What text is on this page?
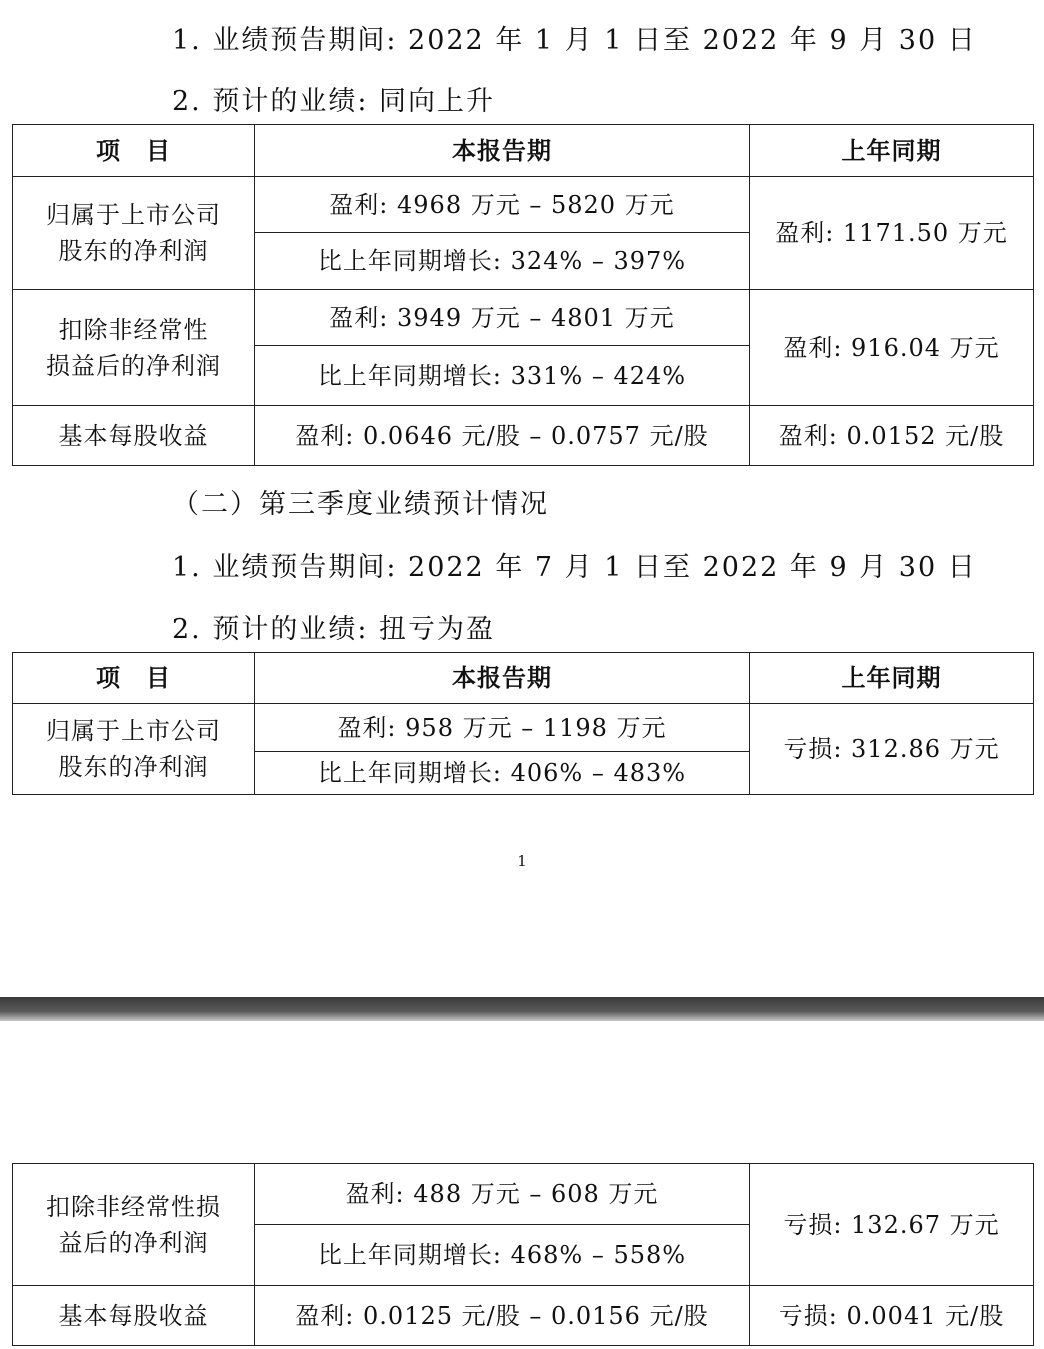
1. 业绩预告期间: 2022 年 1 月 1 日至 2022 年 9 月 30 日
2. 预计的业绩: 同向上升
项　目	本报告期	上年同期

归属于上市公司
股东的净利润	盈利: 4968 万元 – 5820 万元	盈利: 1171.50 万元
	比上年同期增长: 324% – 397%	

扣除非经常性
损益后的净利润	盈利: 3949 万元 – 4801 万元	盈利: 916.04 万元
	比上年同期增长: 331% – 424%	
基本每股收益	盈利: 0.0646 元/股 – 0.0757 元/股	盈利: 0.0152 元/股
（二）第三季度业绩预计情况
1. 业绩预告期间: 2022 年 7 月 1 日至 2022 年 9 月 30 日
2. 预计的业绩: 扭亏为盈
项　目	本报告期	上年同期

归属于上市公司
股东的净利润	盈利: 958 万元 – 1198 万元	亏损: 312.86 万元
	比上年同期增长: 406% – 483%	
1
扣除非经常性损
益后的净利润	盈利: 488 万元 – 608 万元	亏损: 132.67 万元
	比上年同期增长: 468% – 558%	
基本每股收益	盈利: 0.0125 元/股 – 0.0156 元/股	亏损: 0.0041 元/股
